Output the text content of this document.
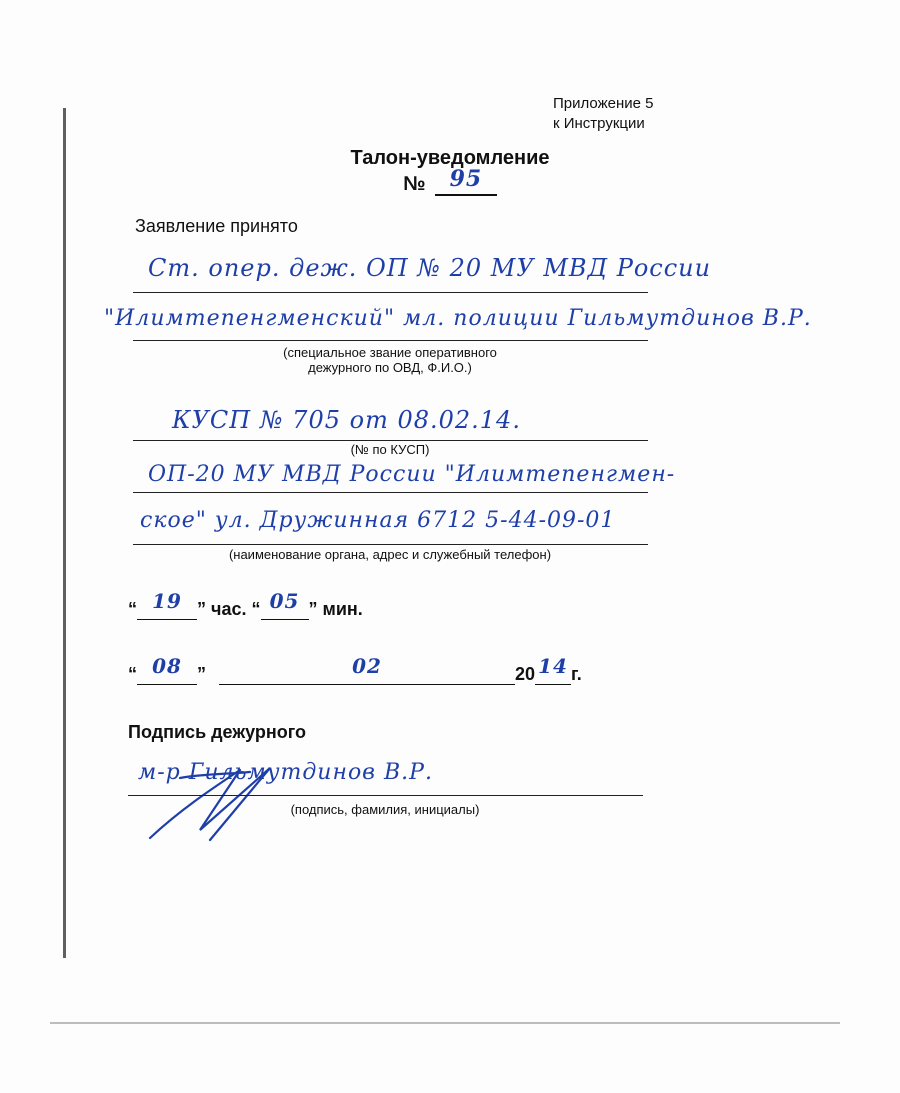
Приложение 5
к Инструкции
Талон-уведомление
№ 95
Заявление принято
Ст. опер. деж. ОП № 20 МУ МВД России
"Илимтепенгменский" мл. полиции Гильмутдинов В.Р.
(специальное звание оперативного
дежурного по ОВД, Ф.И.О.)
КУСП № 705 от 08.02.14.
(№ по КУСП)
ОП-20 МУ МВД России "Илимтепенгмен-
ское" ул. Дружинная 6712 5-44-09-01
(наименование органа, адрес и служебный телефон)
“ 19 ” час. “ 05 ” мин.
“ 08 ”	02	20 14 г.
Подпись дежурного
м-р Гильмутдинов В.Р.
(подпись, фамилия, инициалы)
